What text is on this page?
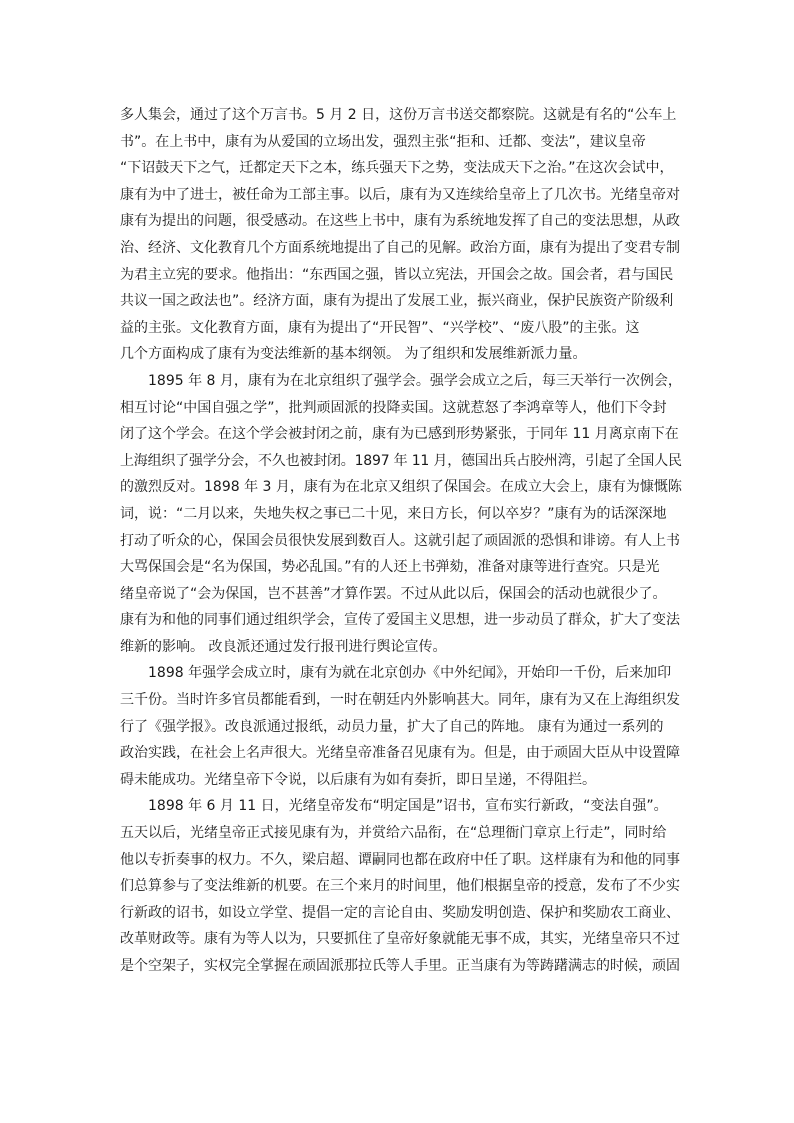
多人集会，通过了这个万言书。5 月 2 日，这份万言书送交都察院。这就是有名的“公车上
书”。在上书中，康有为从爱国的立场出发，强烈主张“拒和、迁都、变法”，建议皇帝
“下诏鼓天下之气，迁都定天下之本，练兵强天下之势，变法成天下之治。”在这次会试中，
康有为中了进士，被任命为工部主事。以后，康有为又连续给皇帝上了几次书。光绪皇帝对
康有为提出的问题，很受感动。在这些上书中，康有为系统地发挥了自己的变法思想，从政
治、经济、文化教育几个方面系统地提出了自己的见解。政治方面，康有为提出了变君专制
为君主立宪的要求。他指出：“东西国之强，皆以立宪法，开国会之故。国会者，君与国民
共议一国之政法也”。经济方面，康有为提出了发展工业，振兴商业，保护民族资产阶级利
益的主张。文化教育方面，康有为提出了“开民智”、“兴学校”、“废八股”的主张。这
几个方面构成了康有为变法维新的基本纲领。 为了组织和发展维新派力量。
1895 年 8 月，康有为在北京组织了强学会。强学会成立之后，每三天举行一次例会，
相互讨论“中国自强之学”，批判顽固派的投降卖国。这就惹怒了李鸿章等人，他们下令封
闭了这个学会。在这个学会被封闭之前，康有为已感到形势紧张，于同年 11 月离京南下在
上海组织了强学分会，不久也被封闭。1897 年 11 月，德国出兵占胶州湾，引起了全国人民
的激烈反对。1898 年 3 月，康有为在北京又组织了保国会。在成立大会上，康有为慷慨陈
词，说：“二月以来，失地失权之事已二十见，来日方长，何以卒岁？”康有为的话深深地
打动了听众的心，保国会员很快发展到数百人。这就引起了顽固派的恐惧和诽谤。有人上书
大骂保国会是“名为保国，势必乱国。”有的人还上书弹劾，准备对康等进行查究。只是光
绪皇帝说了“会为保国，岂不甚善”才算作罢。不过从此以后，保国会的活动也就很少了。
康有为和他的同事们通过组织学会，宣传了爱国主义思想，进一步动员了群众，扩大了变法
维新的影响。 改良派还通过发行报刊进行舆论宣传。
1898 年强学会成立时，康有为就在北京创办《中外纪闻》，开始印一千份，后来加印
三千份。当时许多官员都能看到，一时在朝廷内外影响甚大。同年，康有为又在上海组织发
行了《强学报》。改良派通过报纸，动员力量，扩大了自己的阵地。 康有为通过一系列的
政治实践，在社会上名声很大。光绪皇帝准备召见康有为。但是，由于顽固大臣从中设置障
碍未能成功。光绪皇帝下令说，以后康有为如有奏折，即日呈递，不得阻拦。
1898 年 6 月 11 日，光绪皇帝发布“明定国是”诏书，宣布实行新政，“变法自强”。
五天以后，光绪皇帝正式接见康有为，并赏给六品衔，在“总理衙门章京上行走”，同时给
他以专折奏事的权力。不久，梁启超、谭嗣同也都在政府中任了职。这样康有为和他的同事
们总算参与了变法维新的机要。在三个来月的时间里，他们根据皇帝的授意，发布了不少实
行新政的诏书，如设立学堂、提倡一定的言论自由、奖励发明创造、保护和奖励农工商业、
改革财政等。康有为等人以为，只要抓住了皇帝好象就能无事不成，其实，光绪皇帝只不过
是个空架子，实权完全掌握在顽固派那拉氏等人手里。正当康有为等踌躇满志的时候，顽固
